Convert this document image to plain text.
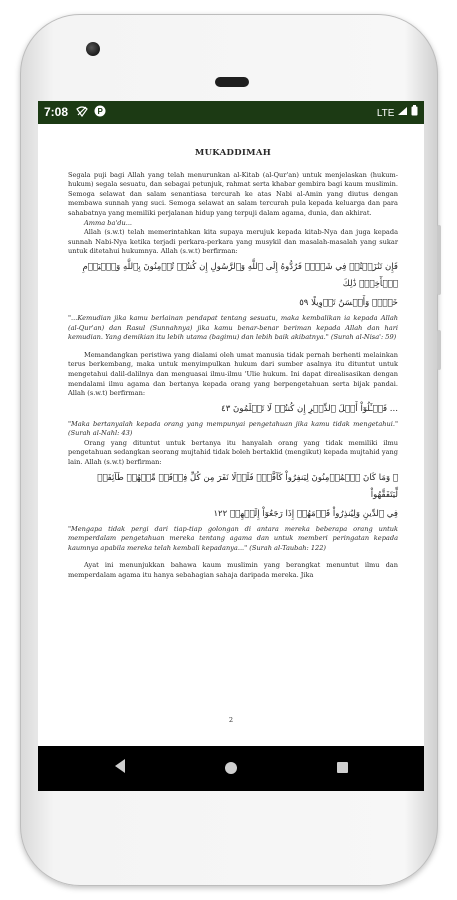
7:08	P	LTE
MUKADDIMAH

Segala puji bagi Allah yang telah menurunkan al-Kitab (al-Qur'an) untuk menjelaskan (hukum-hukum) segala sesuatu, dan sebagai petunjuk, rahmat serta khabar gembira bagi kaum muslimin. Semoga selawat dan salam senantiasa tercurah ke atas Nabi al-Amin yang diutus dengan membawa sunnah yang suci. Semoga selawat an salam tercurah pula kepada keluarga dan para sahabatnya yang memiliki perjalanan hidup yang terpuji dalam agama, dunia, dan akhirat.

Amma ba'du...

Allah (s.w.t) telah memerintahkan kita supaya merujuk kepada kitab-Nya dan juga kepada sunnah Nabi-Nya ketika terjadi perkara-perkara yang musykil dan masalah-masalah yang sukar untuk ditetahui hukumnya. Allah (s.w.t) berfirman:

فَإِن تَنَٰزَعۡتُمۡ فِي شَيۡءٖ فَرُدُّوهُ إِلَى ٱللَّهِ وَٱلرَّسُولِ إِن كُنتُمۡ تُؤۡمِنُونَ بِٱللَّهِ وَٱلۡيَوۡمِ ٱلۡأٓخِرِۚ ذَٰلِكَ
خَيۡرٞ وَأَحۡسَنُ تَأۡوِيلًا ٥٩

"...Kemudian jika kamu berlainan pendapat tentang sesuatu, maka kembalikan ia kepada Allah (al-Qur'an) dan Rasul (Sunnahnya) jika kamu benar-benar beriman kepada Allah dan hari kemudian. Yang demikian itu lebih utama (bagimu) dan lebih baik akibatnya." (Surah al-Nisa': 59)

Memandangkan peristiwa yang dialami oleh umat manusia tidak pernah berhenti melainkan terus berkembang, maka untuk menyimpulkan hukum dari sumber asalnya itu dituntut untuk mengetahui dalil-dalilnya dan menguasai ilmu-ilmu 'Ulie hukum. Ini dapat direalisasikan dengan mendalami ilmu agama dan bertanya kepada orang yang berpengetahuan serta bijak pandai. Allah (s.w.t) berfirman:

... فَسۡـَٔلُوٓاْ أَهۡلَ ٱلذِّكۡرِ إِن كُنتُمۡ لَا تَعۡلَمُونَ ٤٣

"Maka bertanyalah kepada orang yang mempunyai pengetahuan jika kamu tidak mengetahui." (Surah al-Nahl: 43)

Orang yang dituntut untuk bertanya itu hanyalah orang yang tidak memiliki ilmu pengetahuan sedangkan seorang mujtahid tidak boleh bertaklid (mengikut) kepada mujtahid yang lain. Allah (s.w.t) berfirman:

۞ وَمَا كَانَ ٱلۡمُؤۡمِنُونَ لِيَنفِرُواْ كَآفَّةٗۚ فَلَوۡلَا نَفَرَ مِن كُلِّ فِرۡقَةٖ مِّنۡهُمۡ طَآئِفَةٞ لِّيَتَفَقَّهُواْ
فِي ٱلدِّينِ وَلِيُنذِرُواْ قَوۡمَهُمۡ إِذَا رَجَعُوٓاْ إِلَيۡهِمۡ ١٢٢

"Mengapa tidak pergi dari tiap-tiap golongan di antara mereka beberapa orang untuk memperdalam pengetahuan mereka tentang agama dan untuk memberi peringatan kepada kaumnya apabila mereka telah kembali kepadanya..." (Surah al-Taubah: 122)

Ayat ini menunjukkan bahawa kaum muslimin yang berangkat menuntut ilmu dan memperdalam agama itu hanya sebahagian sahaja daripada mereka. Jika

2
